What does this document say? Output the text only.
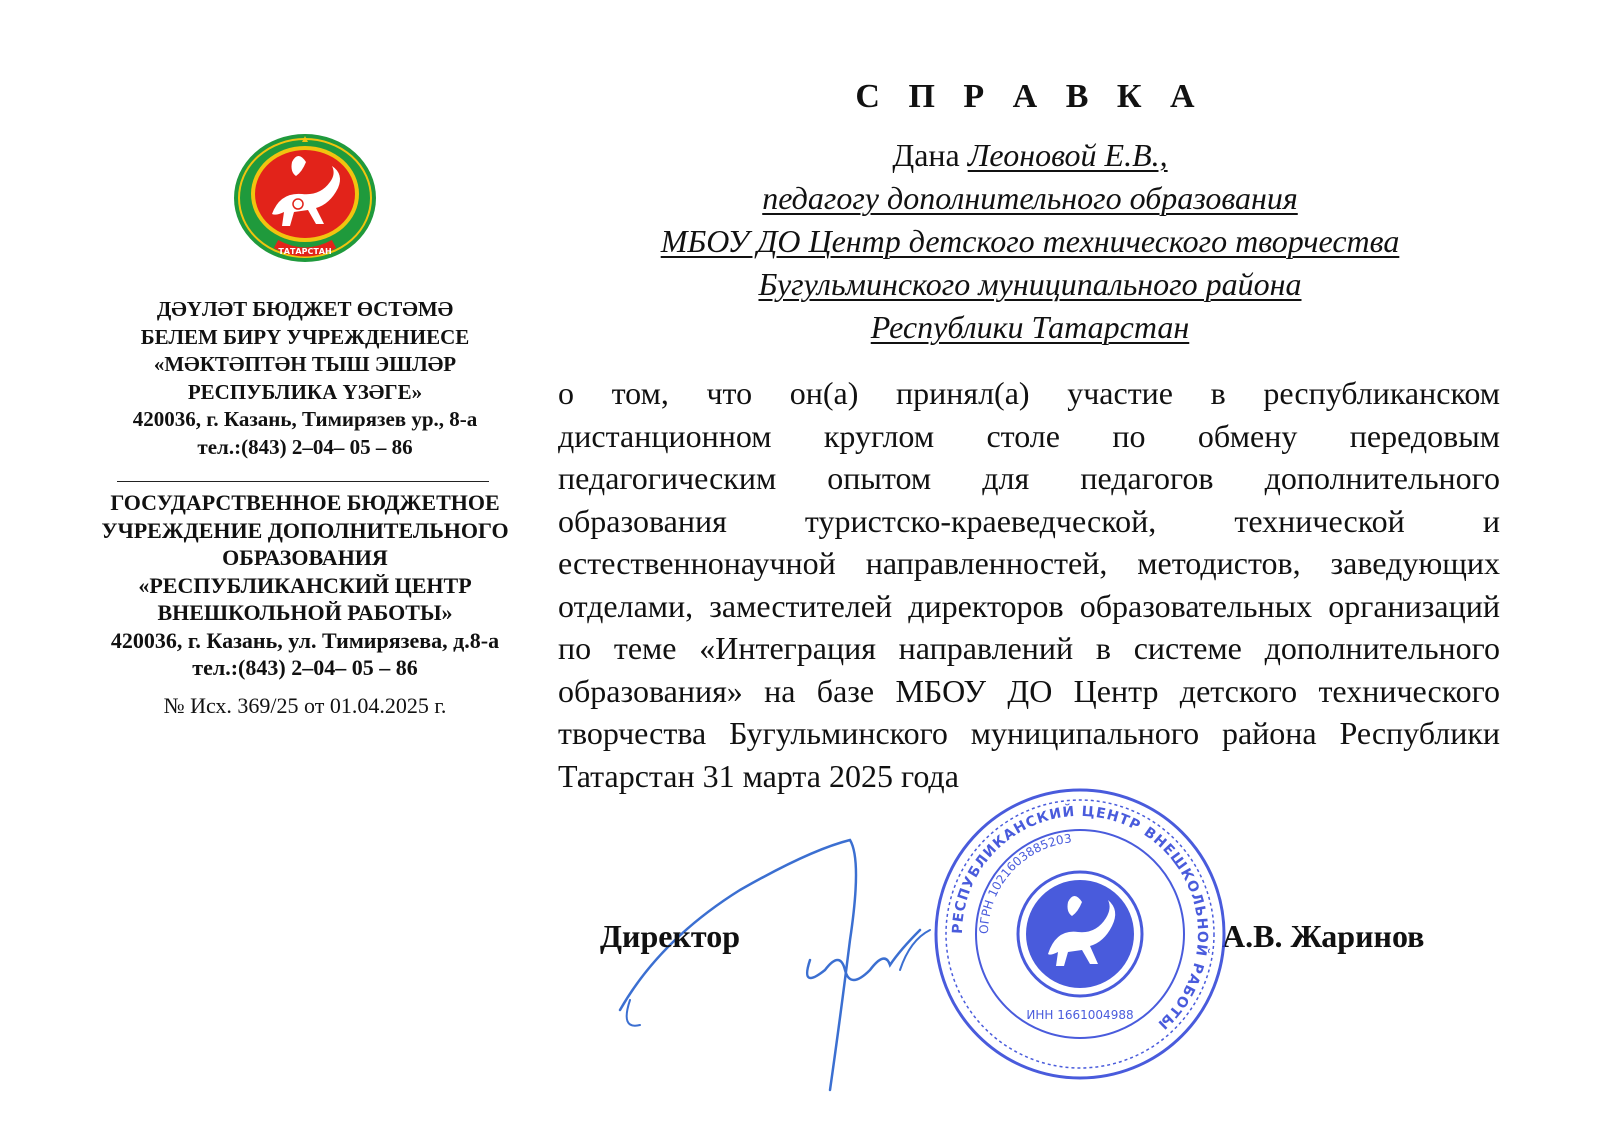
ТАТАРСТАН
ДӘҮЛӘТ БЮДЖЕТ ӨСТӘМӘ
БЕЛЕМ БИРҮ УЧРЕЖДЕНИЕСЕ
«МӘКТӘПТӘН ТЫШ ЭШЛӘР
РЕСПУБЛИКА ҮЗӘГЕ»
420036, г. Казань, Тимирязев ур., 8-а
тел.:(843) 2–04– 05 – 86
ГОСУДАРСТВЕННОЕ БЮДЖЕТНОЕ
УЧРЕЖДЕНИЕ ДОПОЛНИТЕЛЬНОГО
ОБРАЗОВАНИЯ
«РЕСПУБЛИКАНСКИЙ ЦЕНТР
ВНЕШКОЛЬНОЙ РАБОТЫ»
420036, г. Казань, ул. Тимирязева, д.8-а
тел.:(843) 2–04– 05 – 86
№ Исх. 369/25 от 01.04.2025 г.
С П Р А В К А
Дана Леоновой Е.В.,
педагогу дополнительного образования
МБОУ ДО Центр детского технического творчества
Бугульминского муниципального района
Республики Татарстан
о том, что он(а) принял(а) участие в республиканском дистанционном круглом столе по обмену передовым педагогическим опытом для педагогов дополнительного образования туристско-краеведческой, технической и естественнонаучной направленностей, методистов, заведующих отделами, заместителей директоров образовательных организаций по теме «Интеграция направлений в системе дополнительного образования» на базе МБОУ ДО Центр детского технического творчества Бугульминского муниципального района Республики Татарстан 31 марта 2025 года
Директор	А.В. Жаринов
РЕСПУБЛИКАНСКИЙ ЦЕНТР ВНЕШКОЛЬНОЙ РАБОТЫ
ОГРН 1021603885203
ИНН 1661004988
